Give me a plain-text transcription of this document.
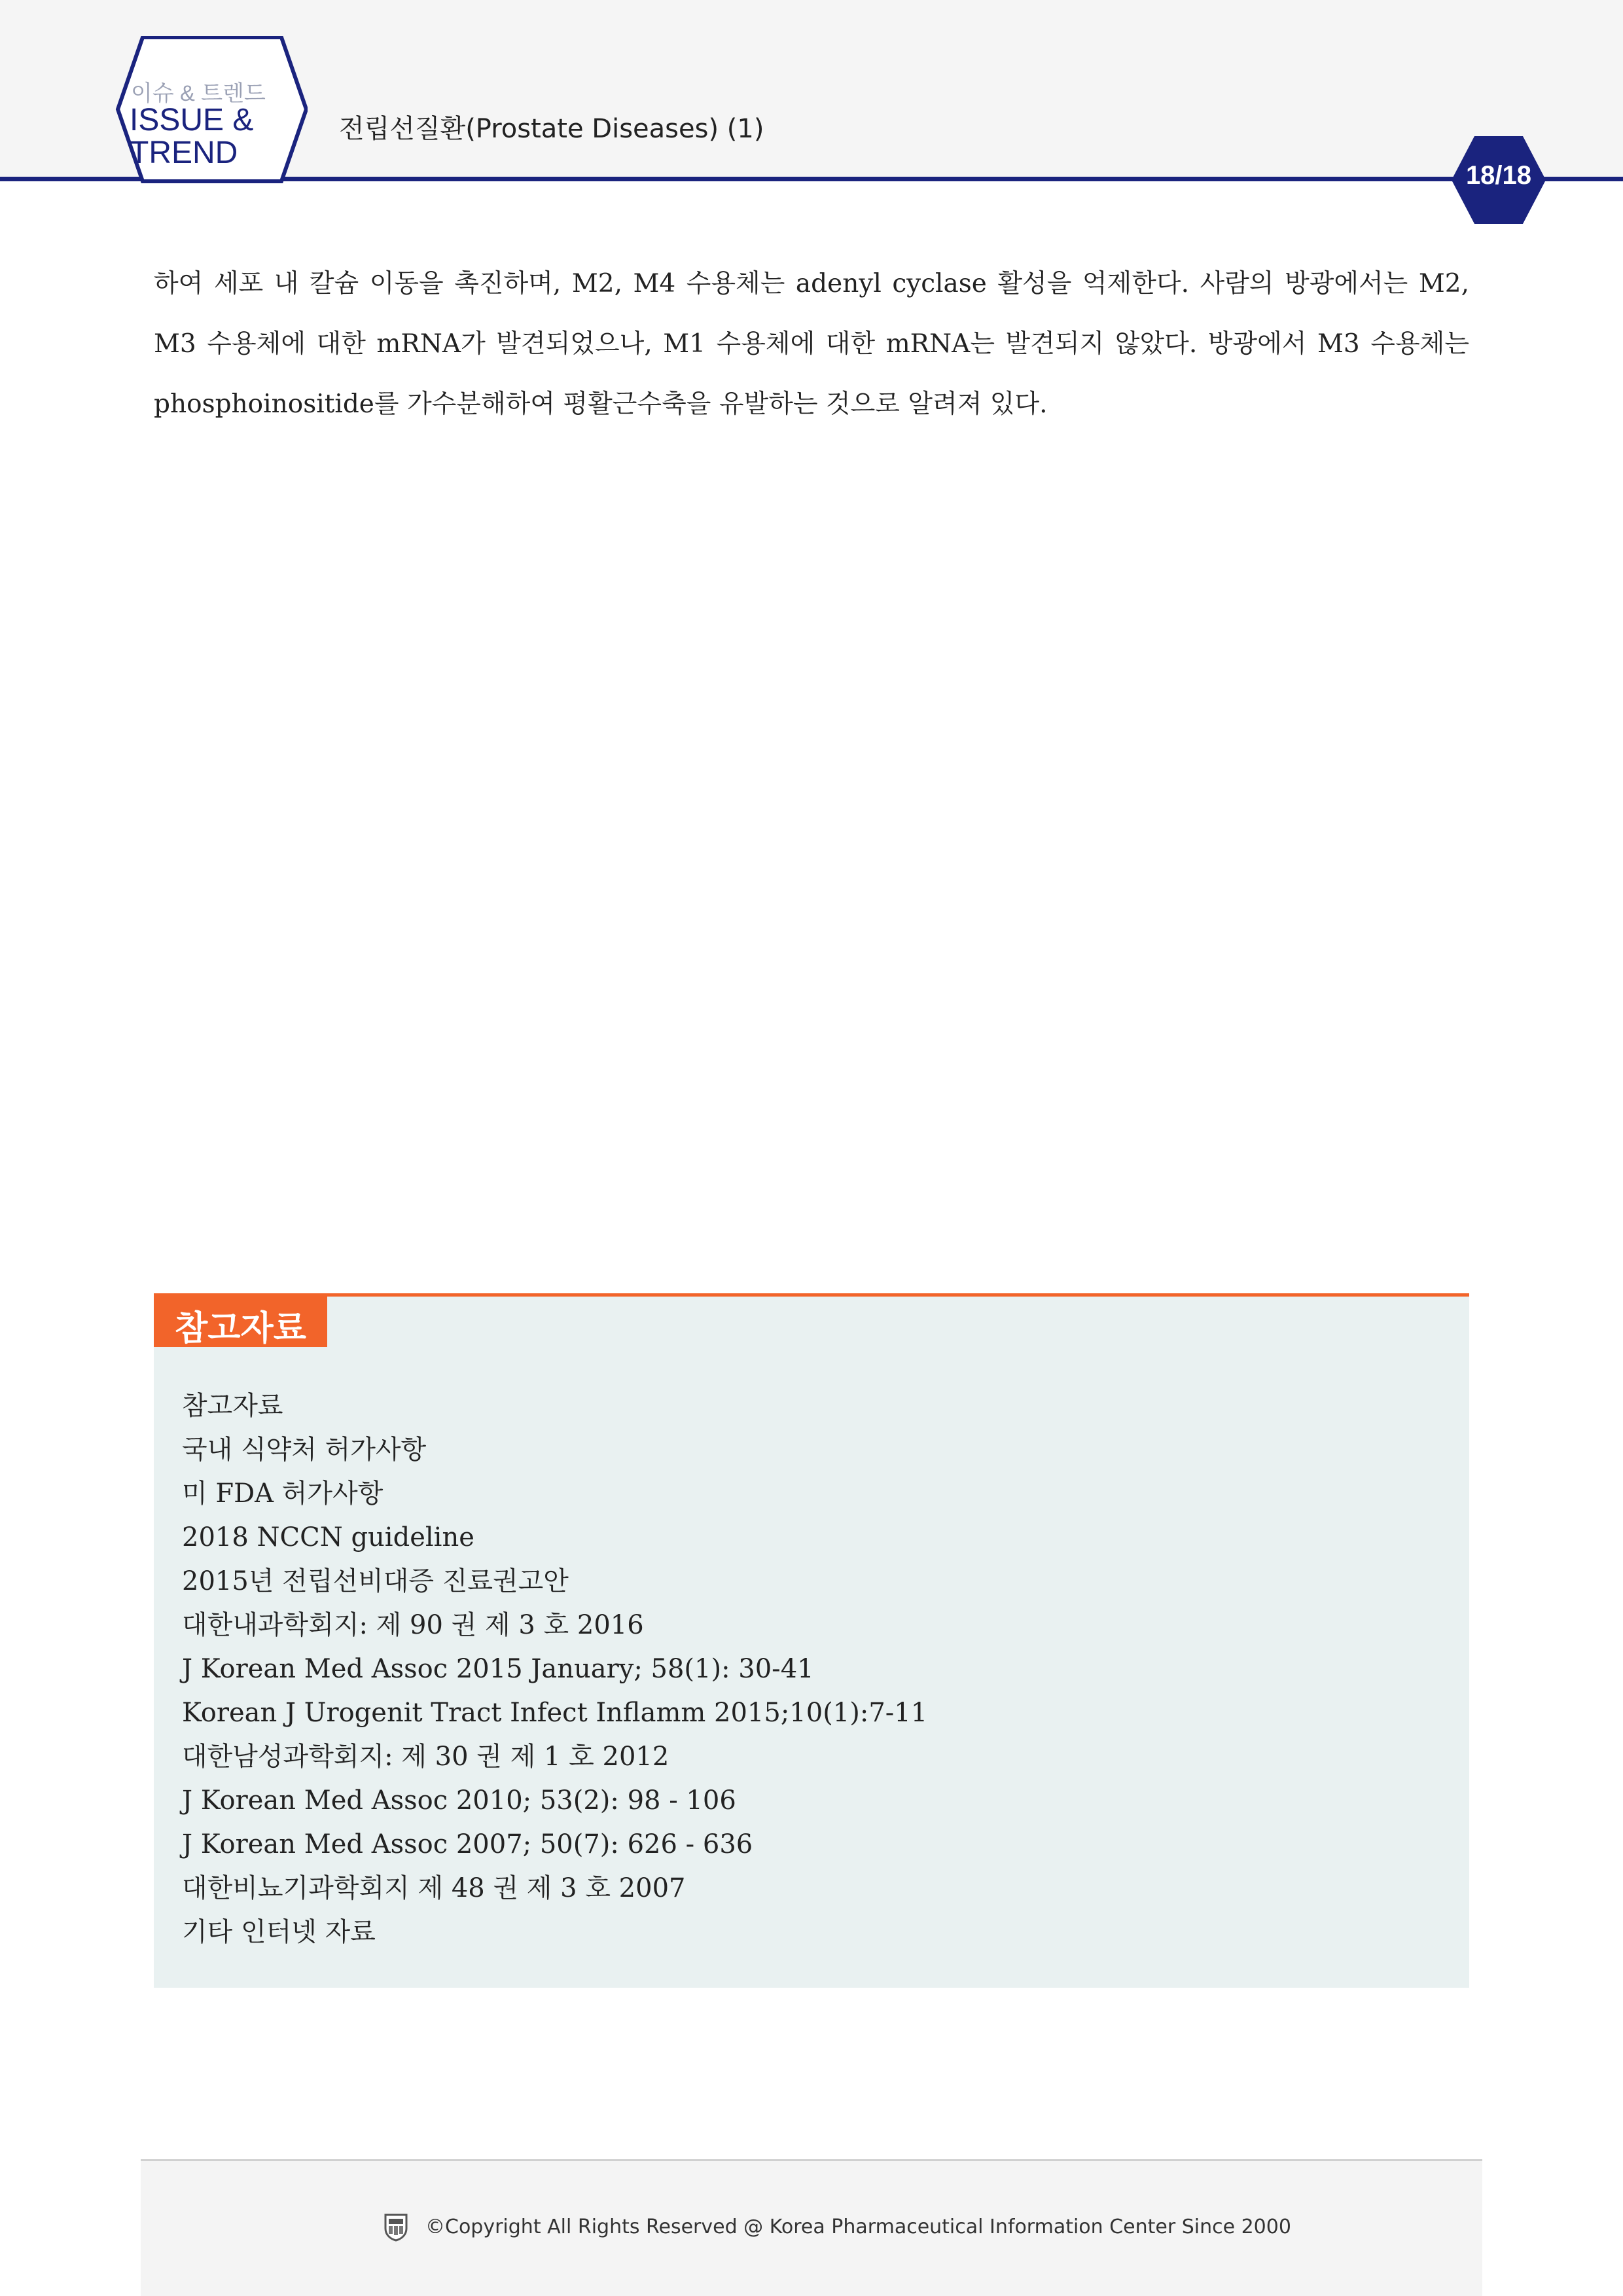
이슈 & 트렌드
ISSUE & TREND
전립선질환(Prostate Diseases) (1)
18/18

하여 세포 내 칼슘 이동을 촉진하며, M2, M4 수용체는 adenyl cyclase 활성을 억제한다. 사람의 방광에서는 M2, M3 수용체에 대한 mRNA가 발견되었으나, M1 수용체에 대한 mRNA는 발견되지 않았다. 방광에서 M3 수용체는 phosphoinositide를 가수분해하여 평활근수축을 유발하는 것으로 알려져 있다.

참고자료
참고자료
국내 식약처 허가사항
미 FDA 허가사항
2018 NCCN guideline
2015년 전립선비대증 진료권고안
대한내과학회지: 제 90 권 제 3 호 2016
J Korean Med Assoc 2015 January; 58(1): 30-41
Korean J Urogenit Tract Infect Inflamm 2015;10(1):7-11
대한남성과학회지: 제 30 권 제 1 호 2012
J Korean Med Assoc 2010; 53(2): 98 - 106
J Korean Med Assoc 2007; 50(7): 626 - 636
대한비뇨기과학회지 제 48 권 제 3 호 2007
기타 인터넷 자료
©Copyright All Rights Reserved @ Korea Pharmaceutical Information Center Since 2000
